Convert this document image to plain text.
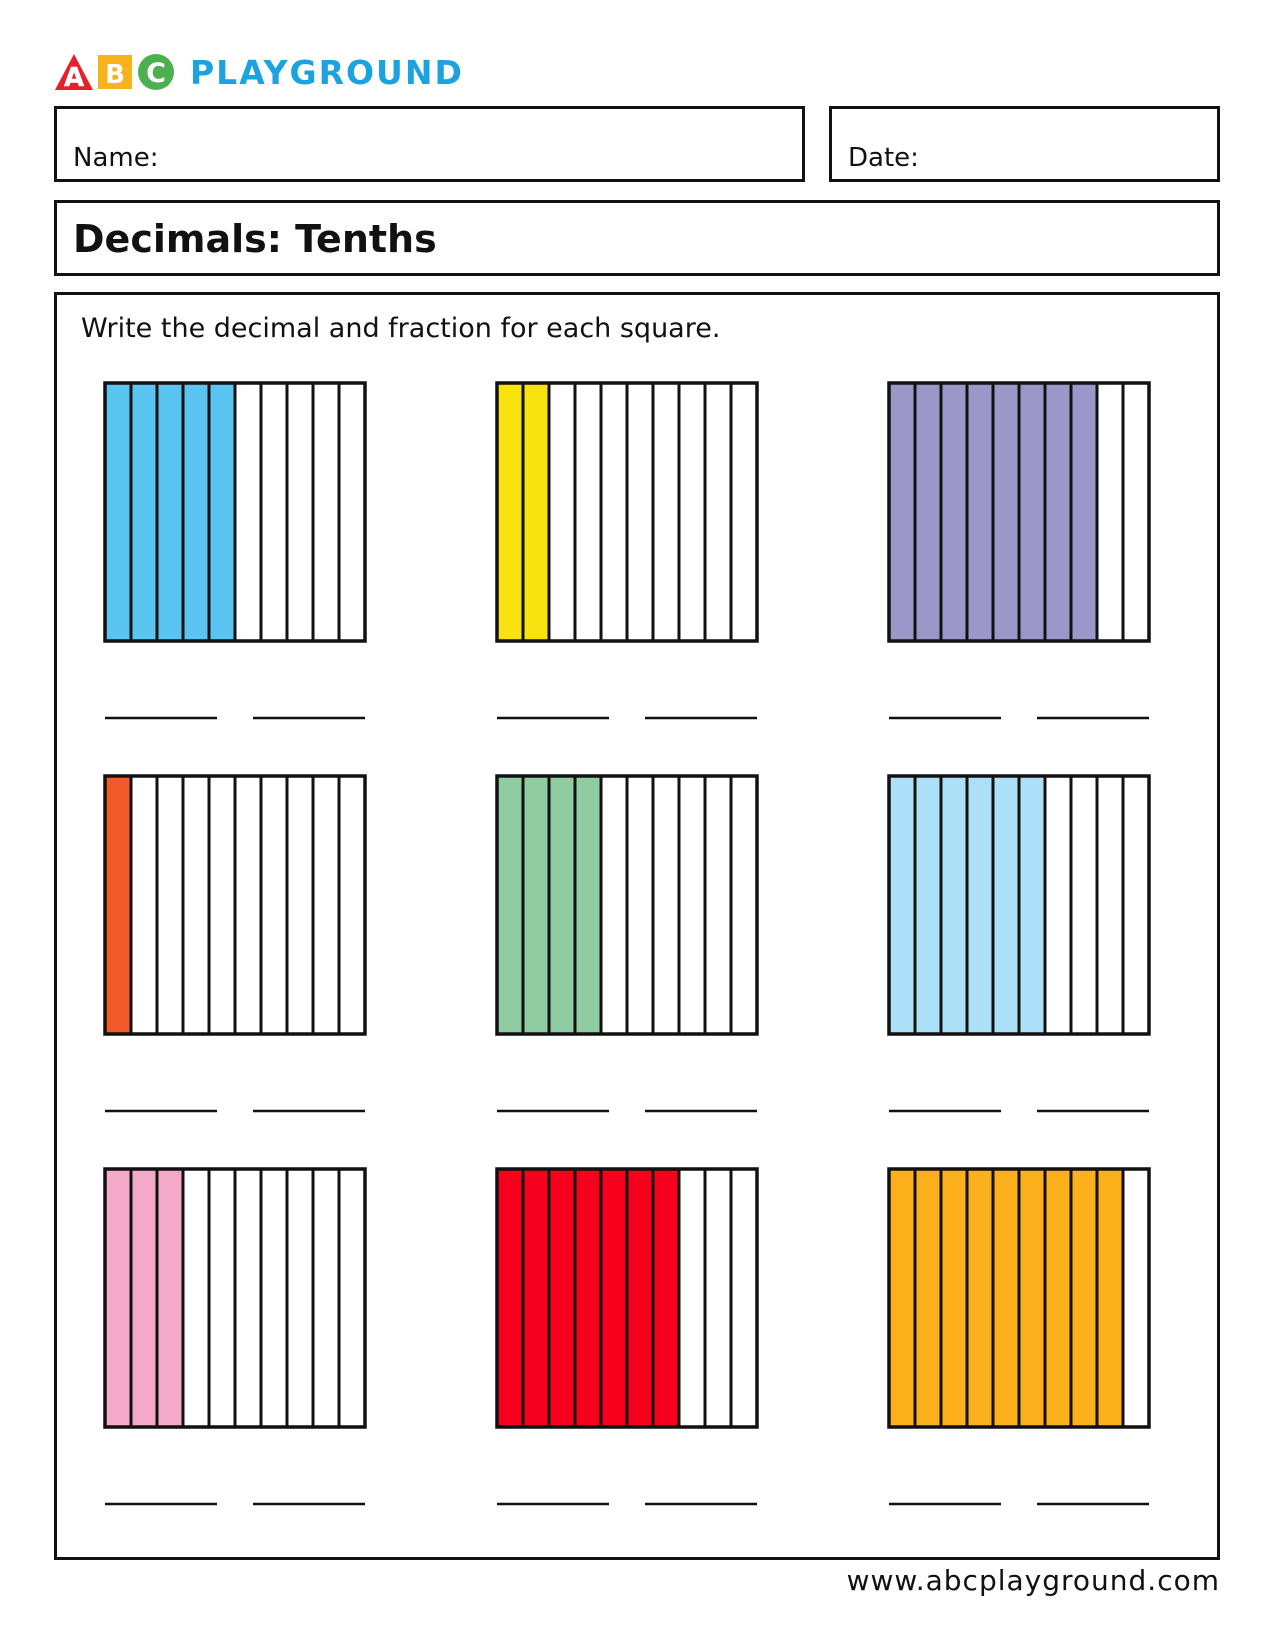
A B C PLAYGROUND
Name:	Date:
Decimals: Tenths
Write the decimal and fraction for each square.
www.abcplayground.com
